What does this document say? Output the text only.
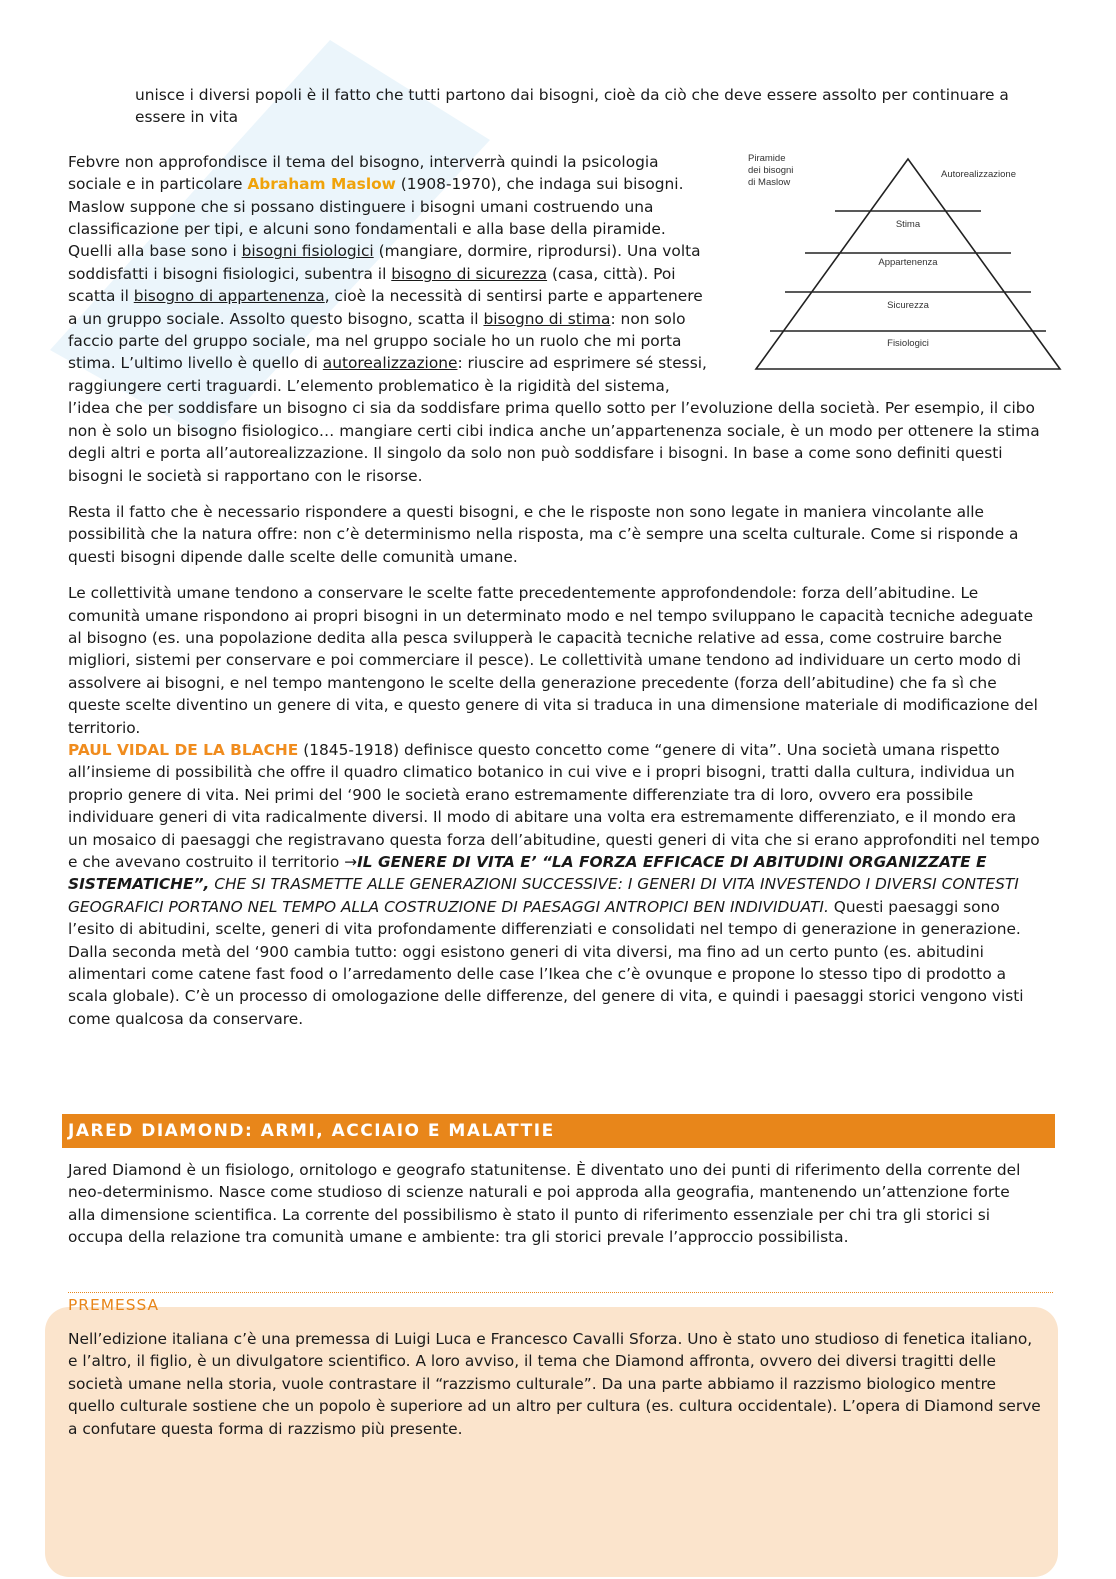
unisce i diversi popoli è il fatto che tutti partono dai bisogni, cioè da ciò che deve essere assolto per continuare a essere in vita

Piramide
dei bisogni
di Maslow
Autorealizzazione
Stima
Appartenenza
Sicurezza
Fisiologici

Febvre non approfondisce il tema del bisogno, interverrà quindi la psicologia sociale e in particolare Abraham Maslow (1908-1970), che indaga sui bisogni. Maslow suppone che si possano distinguere i bisogni umani costruendo una classificazione per tipi, e alcuni sono fondamentali e alla base della piramide. Quelli alla base sono i bisogni fisiologici (mangiare, dormire, riprodursi). Una volta soddisfatti i bisogni fisiologici, subentra il bisogno di sicurezza (casa, città). Poi scatta il bisogno di appartenenza, cioè la necessità di sentirsi parte e appartenere a un gruppo sociale. Assolto questo bisogno, scatta il bisogno di stima: non solo faccio parte del gruppo sociale, ma nel gruppo sociale ho un ruolo che mi porta stima. L’ultimo livello è quello di autorealizzazione: riuscire ad esprimere sé stessi, raggiungere certi traguardi. L’elemento problematico è la rigidità del sistema, l’idea che per soddisfare un bisogno ci sia da soddisfare prima quello sotto per l’evoluzione della società. Per esempio, il cibo non è solo un bisogno fisiologico… mangiare certi cibi indica anche un’appartenenza sociale, è un modo per ottenere la stima degli altri e porta all’autorealizzazione. Il singolo da solo non può soddisfare i bisogni. In base a come sono definiti questi bisogni le società si rapportano con le risorse.

Resta il fatto che è necessario rispondere a questi bisogni, e che le risposte non sono legate in maniera vincolante alle possibilità che la natura offre: non c’è determinismo nella risposta, ma c’è sempre una scelta culturale. Come si risponde a questi bisogni dipende dalle scelte delle comunità umane.

Le collettività umane tendono a conservare le scelte fatte precedentemente approfondendole: forza dell’abitudine. Le comunità umane rispondono ai propri bisogni in un determinato modo e nel tempo sviluppano le capacità tecniche adeguate al bisogno (es. una popolazione dedita alla pesca svilupperà le capacità tecniche relative ad essa, come costruire barche migliori, sistemi per conservare e poi commerciare il pesce). Le collettività umane tendono ad individuare un certo modo di assolvere ai bisogni, e nel tempo mantengono le scelte della generazione precedente (forza dell’abitudine) che fa sì che queste scelte diventino un genere di vita, e questo genere di vita si traduca in una dimensione materiale di modificazione del territorio.

PAUL VIDAL DE LA BLACHE (1845-1918) definisce questo concetto come “genere di vita”. Una società umana rispetto all’insieme di possibilità che offre il quadro climatico botanico in cui vive e i propri bisogni, tratti dalla cultura, individua un proprio genere di vita. Nei primi del ‘900 le società erano estremamente differenziate tra di loro, ovvero era possibile individuare generi di vita radicalmente diversi. Il modo di abitare una volta era estremamente differenziato, e il mondo era un mosaico di paesaggi che registravano questa forza dell’abitudine, questi generi di vita che si erano approfonditi nel tempo e che avevano costruito il territorio →IL GENERE DI VITA E’ “LA FORZA EFFICACE DI ABITUDINI ORGANIZZATE E SISTEMATICHE”, CHE SI TRASMETTE ALLE GENERAZIONI SUCCESSIVE: I GENERI DI VITA INVESTENDO I DIVERSI CONTESTI GEOGRAFICI PORTANO NEL TEMPO ALLA COSTRUZIONE DI PAESAGGI ANTROPICI BEN INDIVIDUATI. Questi paesaggi sono l’esito di abitudini, scelte, generi di vita profondamente differenziati e consolidati nel tempo di generazione in generazione. Dalla seconda metà del ‘900 cambia tutto: oggi esistono generi di vita diversi, ma fino ad un certo punto (es. abitudini alimentari come catene fast food o l’arredamento delle case l’Ikea che c’è ovunque e propone lo stesso tipo di prodotto a scala globale). C’è un processo di omologazione delle differenze, del genere di vita, e quindi i paesaggi storici vengono visti come qualcosa da conservare.

JARED DIAMOND: ARMI, ACCIAIO E MALATTIE

Jared Diamond è un fisiologo, ornitologo e geografo statunitense. È diventato uno dei punti di riferimento della corrente del neo-determinismo. Nasce come studioso di scienze naturali e poi approda alla geografia, mantenendo un’attenzione forte alla dimensione scientifica. La corrente del possibilismo è stato il punto di riferimento essenziale per chi tra gli storici si occupa della relazione tra comunità umane e ambiente: tra gli storici prevale l’approccio possibilista.

PREMESSA

Nell’edizione italiana c’è una premessa di Luigi Luca e Francesco Cavalli Sforza. Uno è stato uno studioso di fenetica italiano, e l’altro, il figlio, è un divulgatore scientifico. A loro avviso, il tema che Diamond affronta, ovvero dei diversi tragitti delle società umane nella storia, vuole contrastare il “razzismo culturale”. Da una parte abbiamo il razzismo biologico mentre quello culturale sostiene che un popolo è superiore ad un altro per cultura (es. cultura occidentale). L’opera di Diamond serve a confutare questa forma di razzismo più presente.
